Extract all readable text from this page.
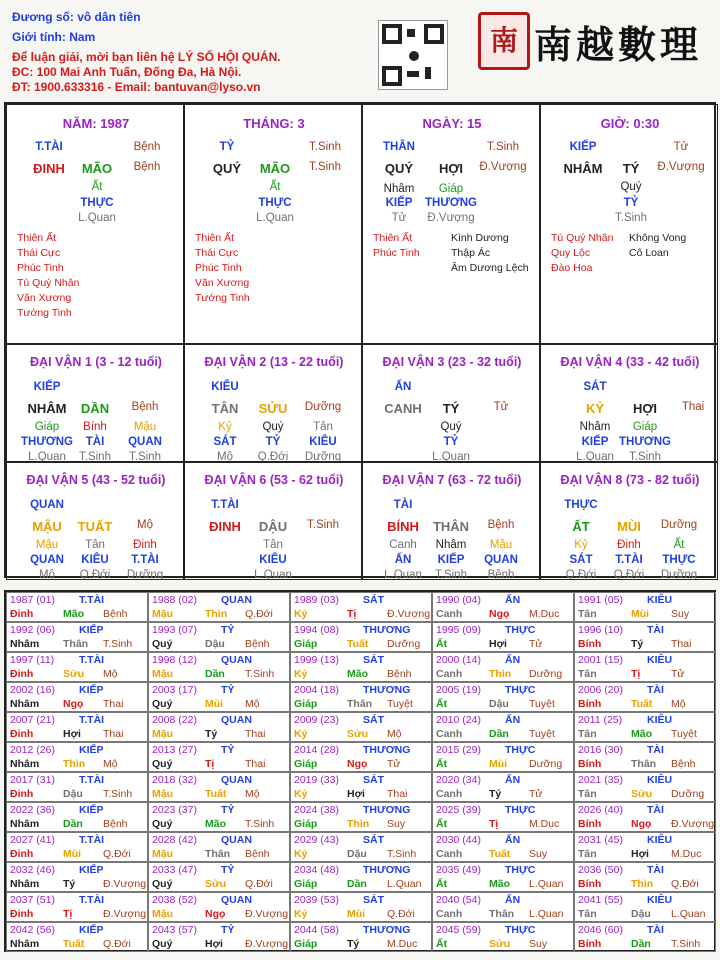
Đương số: vô dân tiên
Giới tính: Nam
Để luận giải, mời bạn liên hệ LÝ SỐ HỘI QUÁN.
ĐC: 100 Mai Anh Tuấn, Đống Đa, Hà Nội.
ĐT: 1900.633316 - Email: bantuvan@lyso.vn
南 南越數理
NĂM: 1987
T.TÀI	Bệnh
ĐINH MÃO Bệnh
Ất
THỰC
L.Quan
Thiên Ất
Thái Cực
Phúc Tinh
Tú Quý Nhân
Văn Xương
Tướng Tinh
THÁNG: 3
TỶ	T.Sinh
QUÝ MÃO T.Sinh
Ất
THỰC
L.Quan
Thiên Ất
Thái Cực
Phúc Tinh
Văn Xương
Tướng Tinh
NGÀY: 15
THÂN	T.Sinh
QUÝ HỢI Đ.Vượng
Nhâm Giáp
KIẾP THƯƠNG
Tử Đ.Vượng
Thiên Ất
Phúc Tinh
Kình Dương
Thập Ác
Âm Dương Lệch
GIỜ: 0:30
KIẾP	Tử
NHÂM TÝ Đ.Vượng
Quý
TỶ
T.Sinh
Tú Quý Nhân
Quy Lộc
Đào Hoa
Không Vong
Cô Loan
ĐẠI VẬN 1 (3 - 12 tuổi)
KIẾP
NHÂM DẦN Bệnh
Giáp Bính Mậu
THƯƠNG TÀI QUAN
L.Quan T.Sinh T.Sinh
ĐẠI VẬN 2 (13 - 22 tuổi)
KIÊU
TÂN SỬU Dưỡng
Kỷ	Quý	Tân
SÁT	TỶ	KIÊU
Mộ Q.Đới Dưỡng
ĐẠI VẬN 3 (23 - 32 tuổi)
ẤN
CANH TÝ	Tử
Quý
TỶ
L.Quan
ĐẠI VẬN 4 (33 - 42 tuổi)
SÁT
KỶ HỢI Thai
Nhâm Giáp
KIẾP THƯƠNG
L.Quan T.Sinh
ĐẠI VẬN 5 (43 - 52 tuổi)
QUAN
MẬU TUẤT Mộ
Mậu Tân Đinh
QUAN KIÊU T.TÀI
Mộ Q.Đới Dưỡng
ĐẠI VẬN 6 (53 - 62 tuổi)
T.TÀI
ĐINH DẬU T.Sinh
Tân
KIÊU
L.Quan
ĐẠI VẬN 7 (63 - 72 tuổi)
TÀI
BÍNH THÂN Bệnh
Canh Nhâm Mậu
ẤN KIẾP QUAN
L.Quan T.Sinh Bệnh
ĐẠI VẬN 8 (73 - 82 tuổi)
THỰC
ẤT MÙI Dưỡng
Kỷ	Đinh	Ất
SÁT T.TÀI THỰC
Q.Đới Q.Đới Dưỡng
1987 (01) T.TÀI
Đinh	Mão Bệnh
1988 (02) QUAN
Mậu	Thìn Q.Đới
1989 (03) SÁT
Kỷ	Tị	Đ.Vượng
1990 (04) ẤN
Canh	Ngọ M.Dục
1991 (05) KIÊU
Tân	Mùi Suy
1992 (06) KIẾP
Nhâm Thân T.Sinh
1993 (07) TỶ
Quý	Dậu Bệnh
1994 (08) THƯƠNG
Giáp	Tuất Dưỡng
1995 (09) THỰC
Ất	Hợi Tử
1996 (10) TÀI
Bính	Tý	Thai
1997 (11) T.TÀI
Đinh	Sửu Mộ
1998 (12) QUAN
Mậu	Dần T.Sinh
1999 (13) SÁT
Kỷ	Mão Bệnh
2000 (14) ẤN
Canh	Thìn Dưỡng
2001 (15) KIÊU
Tân	Tị	Tử
2002 (16) KIẾP
Nhâm Ngọ Thai
2003 (17) TỶ
Quý	Mùi Mộ
2004 (18) THƯƠNG
Giáp	Thân Tuyệt
2005 (19) THỰC
Ất	Dậu Tuyệt
2006 (20) TÀI
Bính	Tuất Mộ
2007 (21) T.TÀI
Đinh	Hợi Thai
2008 (22) QUAN
Mậu	Tý	Thai
2009 (23) SÁT
Kỷ	Sửu Mộ
2010 (24) ẤN
Canh	Dần Tuyệt
2011 (25) KIÊU
Tân	Mão Tuyệt
2012 (26) KIẾP
Nhâm Thìn Mộ
2013 (27) TỶ
Quý	Tị	Thai
2014 (28) THƯƠNG
Giáp	Ngọ Tử
2015 (29) THỰC
Ất	Mùi Dưỡng
2016 (30) TÀI
Bính	Thân Bệnh
2017 (31) T.TÀI
Đinh	Dậu T.Sinh
2018 (32) QUAN
Mậu	Tuất Mộ
2019 (33) SÁT
Kỷ	Hợi Thai
2020 (34) ẤN
Canh	Tý	Tử
2021 (35) KIÊU
Tân	Sửu Dưỡng
2022 (36) KIẾP
Nhâm Dần Bệnh
2023 (37) TỶ
Quý	Mão T.Sinh
2024 (38) THƯƠNG
Giáp	Thìn Suy
2025 (39) THỰC
Ất	Tị	M.Dục
2026 (40) TÀI
Bính	Ngọ Đ.Vượng
2027 (41) T.TÀI
Đinh	Mùi Q.Đới
2028 (42) QUAN
Mậu	Thân Bệnh
2029 (43) SÁT
Kỷ	Dậu T.Sinh
2030 (44) ẤN
Canh	Tuất Suy
2031 (45) KIÊU
Tân	Hợi M.Dục
2032 (46) KIẾP
Nhâm Tý	Đ.Vượng
2033 (47) TỶ
Quý	Sửu Q.Đới
2034 (48) THƯƠNG
Giáp	Dần L.Quan
2035 (49) THỰC
Ất	Mão L.Quan
2036 (50) TÀI
Bính	Thìn Q.Đới
2037 (51) T.TÀI
Đinh	Tị	Đ.Vượng
2038 (52) QUAN
Mậu	Ngọ Đ.Vượng
2039 (53) SÁT
Kỷ	Mùi Q.Đới
2040 (54) ẤN
Canh	Thân L.Quan
2041 (55) KIÊU
Tân	Dậu L.Quan
2042 (56) KIẾP
Nhâm Tuất Q.Đới
2043 (57) TỶ
Quý	Hợi Đ.Vượng
2044 (58) THƯƠNG
Giáp	Tý	M.Dục
2045 (59) THỰC
Ất	Sửu Suy
2046 (60) TÀI
Bính	Dần T.Sinh
